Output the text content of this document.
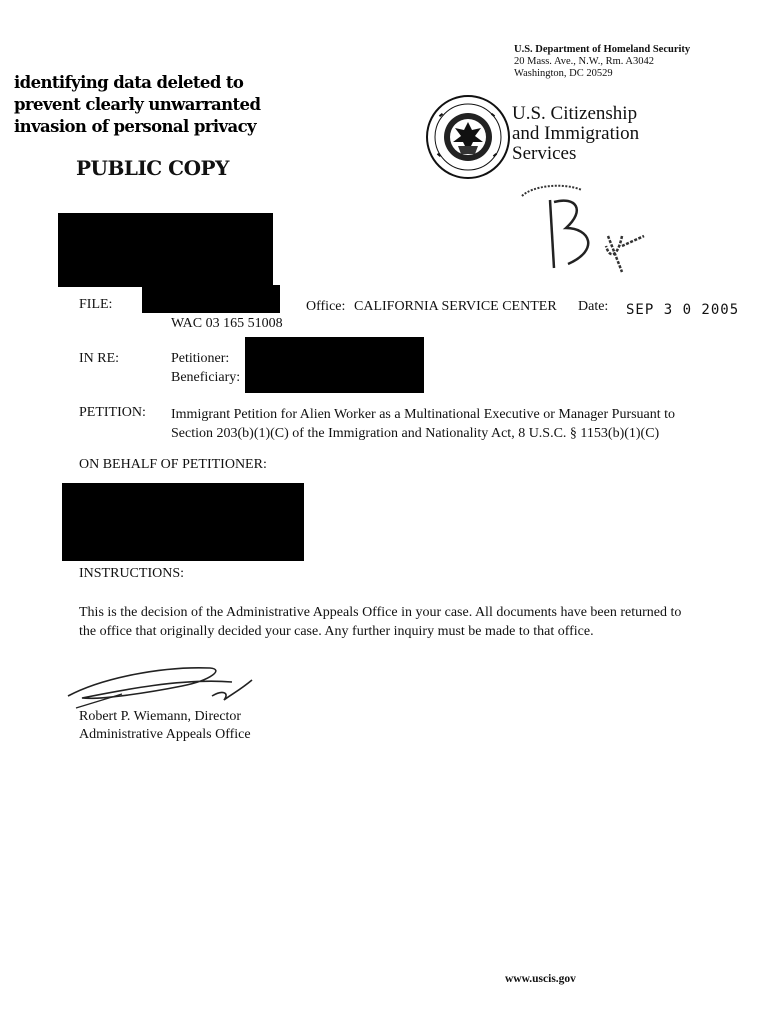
identifying data deleted to
prevent clearly unwarranted
invasion of personal privacy
PUBLIC COPY
U.S. Department of Homeland Security
20 Mass. Ave., N.W., Rm. A3042
Washington, DC 20529
U.S. Citizenship
and Immigration
Services
FILE:
WAC 03 165 51008
Office: CALIFORNIA SERVICE CENTER Date: SEP 3 0 2005
IN RE:	Petitioner:
Beneficiary:
PETITION: Immigrant Petition for Alien Worker as a Multinational Executive or Manager Pursuant to
Section 203(b)(1)(C) of the Immigration and Nationality Act, 8 U.S.C. § 1153(b)(1)(C)
ON BEHALF OF PETITIONER:
INSTRUCTIONS:
This is the decision of the Administrative Appeals Office in your case. All documents have been returned to
the office that originally decided your case. Any further inquiry must be made to that office.
Robert P. Wiemann, Director
Administrative Appeals Office
www.uscis.gov
